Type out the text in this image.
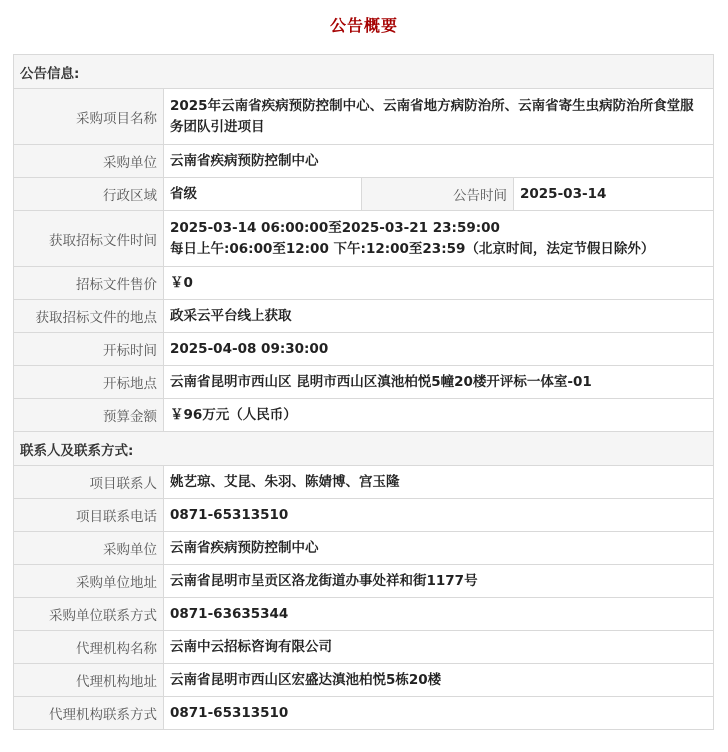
公告概要
公告信息:			
采购项目名称	2025年云南省疾病预防控制中心、云南省地方病防治所、云南省寄生虫病防治所食堂服务团队引进项目		
采购单位	云南省疾病预防控制中心		
行政区域	省级	公告时间	2025-03-14
获取招标文件时间	2025-03-14 06:00:00至2025-03-21 23:59:00
每日上午:06:00至12:00 下午:12:00至23:59（北京时间，法定节假日除外）		

招标文件售价	￥0		
获取招标文件的地点	政采云平台线上获取		
开标时间	2025-04-08 09:30:00		
开标地点	云南省昆明市西山区 昆明市西山区滇池柏悦5幢20楼开评标一体室-01		
预算金额	￥96万元（人民币）		
联系人及联系方式:			
项目联系人	姚艺琼、艾昆、朱羽、陈婧博、宫玉隆		
项目联系电话	0871-65313510		
采购单位	云南省疾病预防控制中心		
采购单位地址	云南省昆明市呈贡区洛龙街道办事处祥和街1177号		
采购单位联系方式	0871-63635344		
代理机构名称	云南中云招标咨询有限公司		
代理机构地址	云南省昆明市西山区宏盛达滇池柏悦5栋20楼		
代理机构联系方式	0871-65313510		
